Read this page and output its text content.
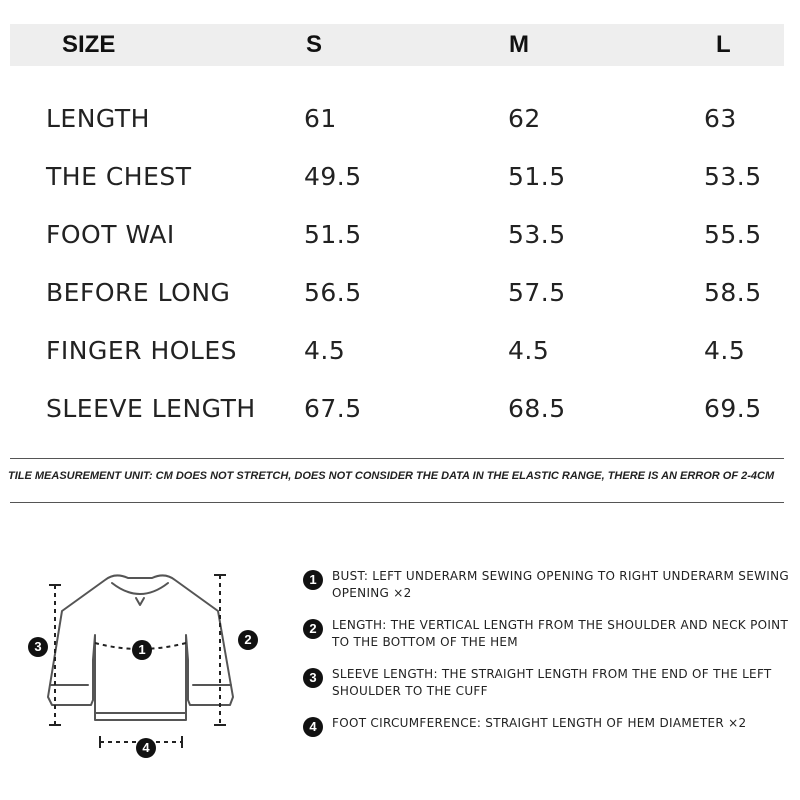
SIZE	S	M	L
LENGTH	61	62	63
THE CHEST	49.5	51.5	53.5
FOOT WAI	51.5	53.5	55.5
BEFORE LONG	56.5	57.5	58.5
FINGER HOLES	4.5	4.5	4.5
SLEEVE LENGTH 67.5	68.5	69.5
TILE MEASUREMENT UNIT: CM DOES NOT STRETCH, DOES NOT CONSIDER THE DATA IN THE ELASTIC RANGE, THERE IS AN ERROR OF 2-4CM
1
2
3
4
1	BUST: LEFT UNDERARM SEWING OPENING TO RIGHT UNDERARM SEWING OPENING ×2
2	LENGTH: THE VERTICAL LENGTH FROM THE SHOULDER AND NECK POINT TO THE BOTTOM OF THE HEM
3	SLEEVE LENGTH: THE STRAIGHT LENGTH FROM THE END OF THE LEFT SHOULDER TO THE CUFF
4	FOOT CIRCUMFERENCE: STRAIGHT LENGTH OF HEM DIAMETER ×2
